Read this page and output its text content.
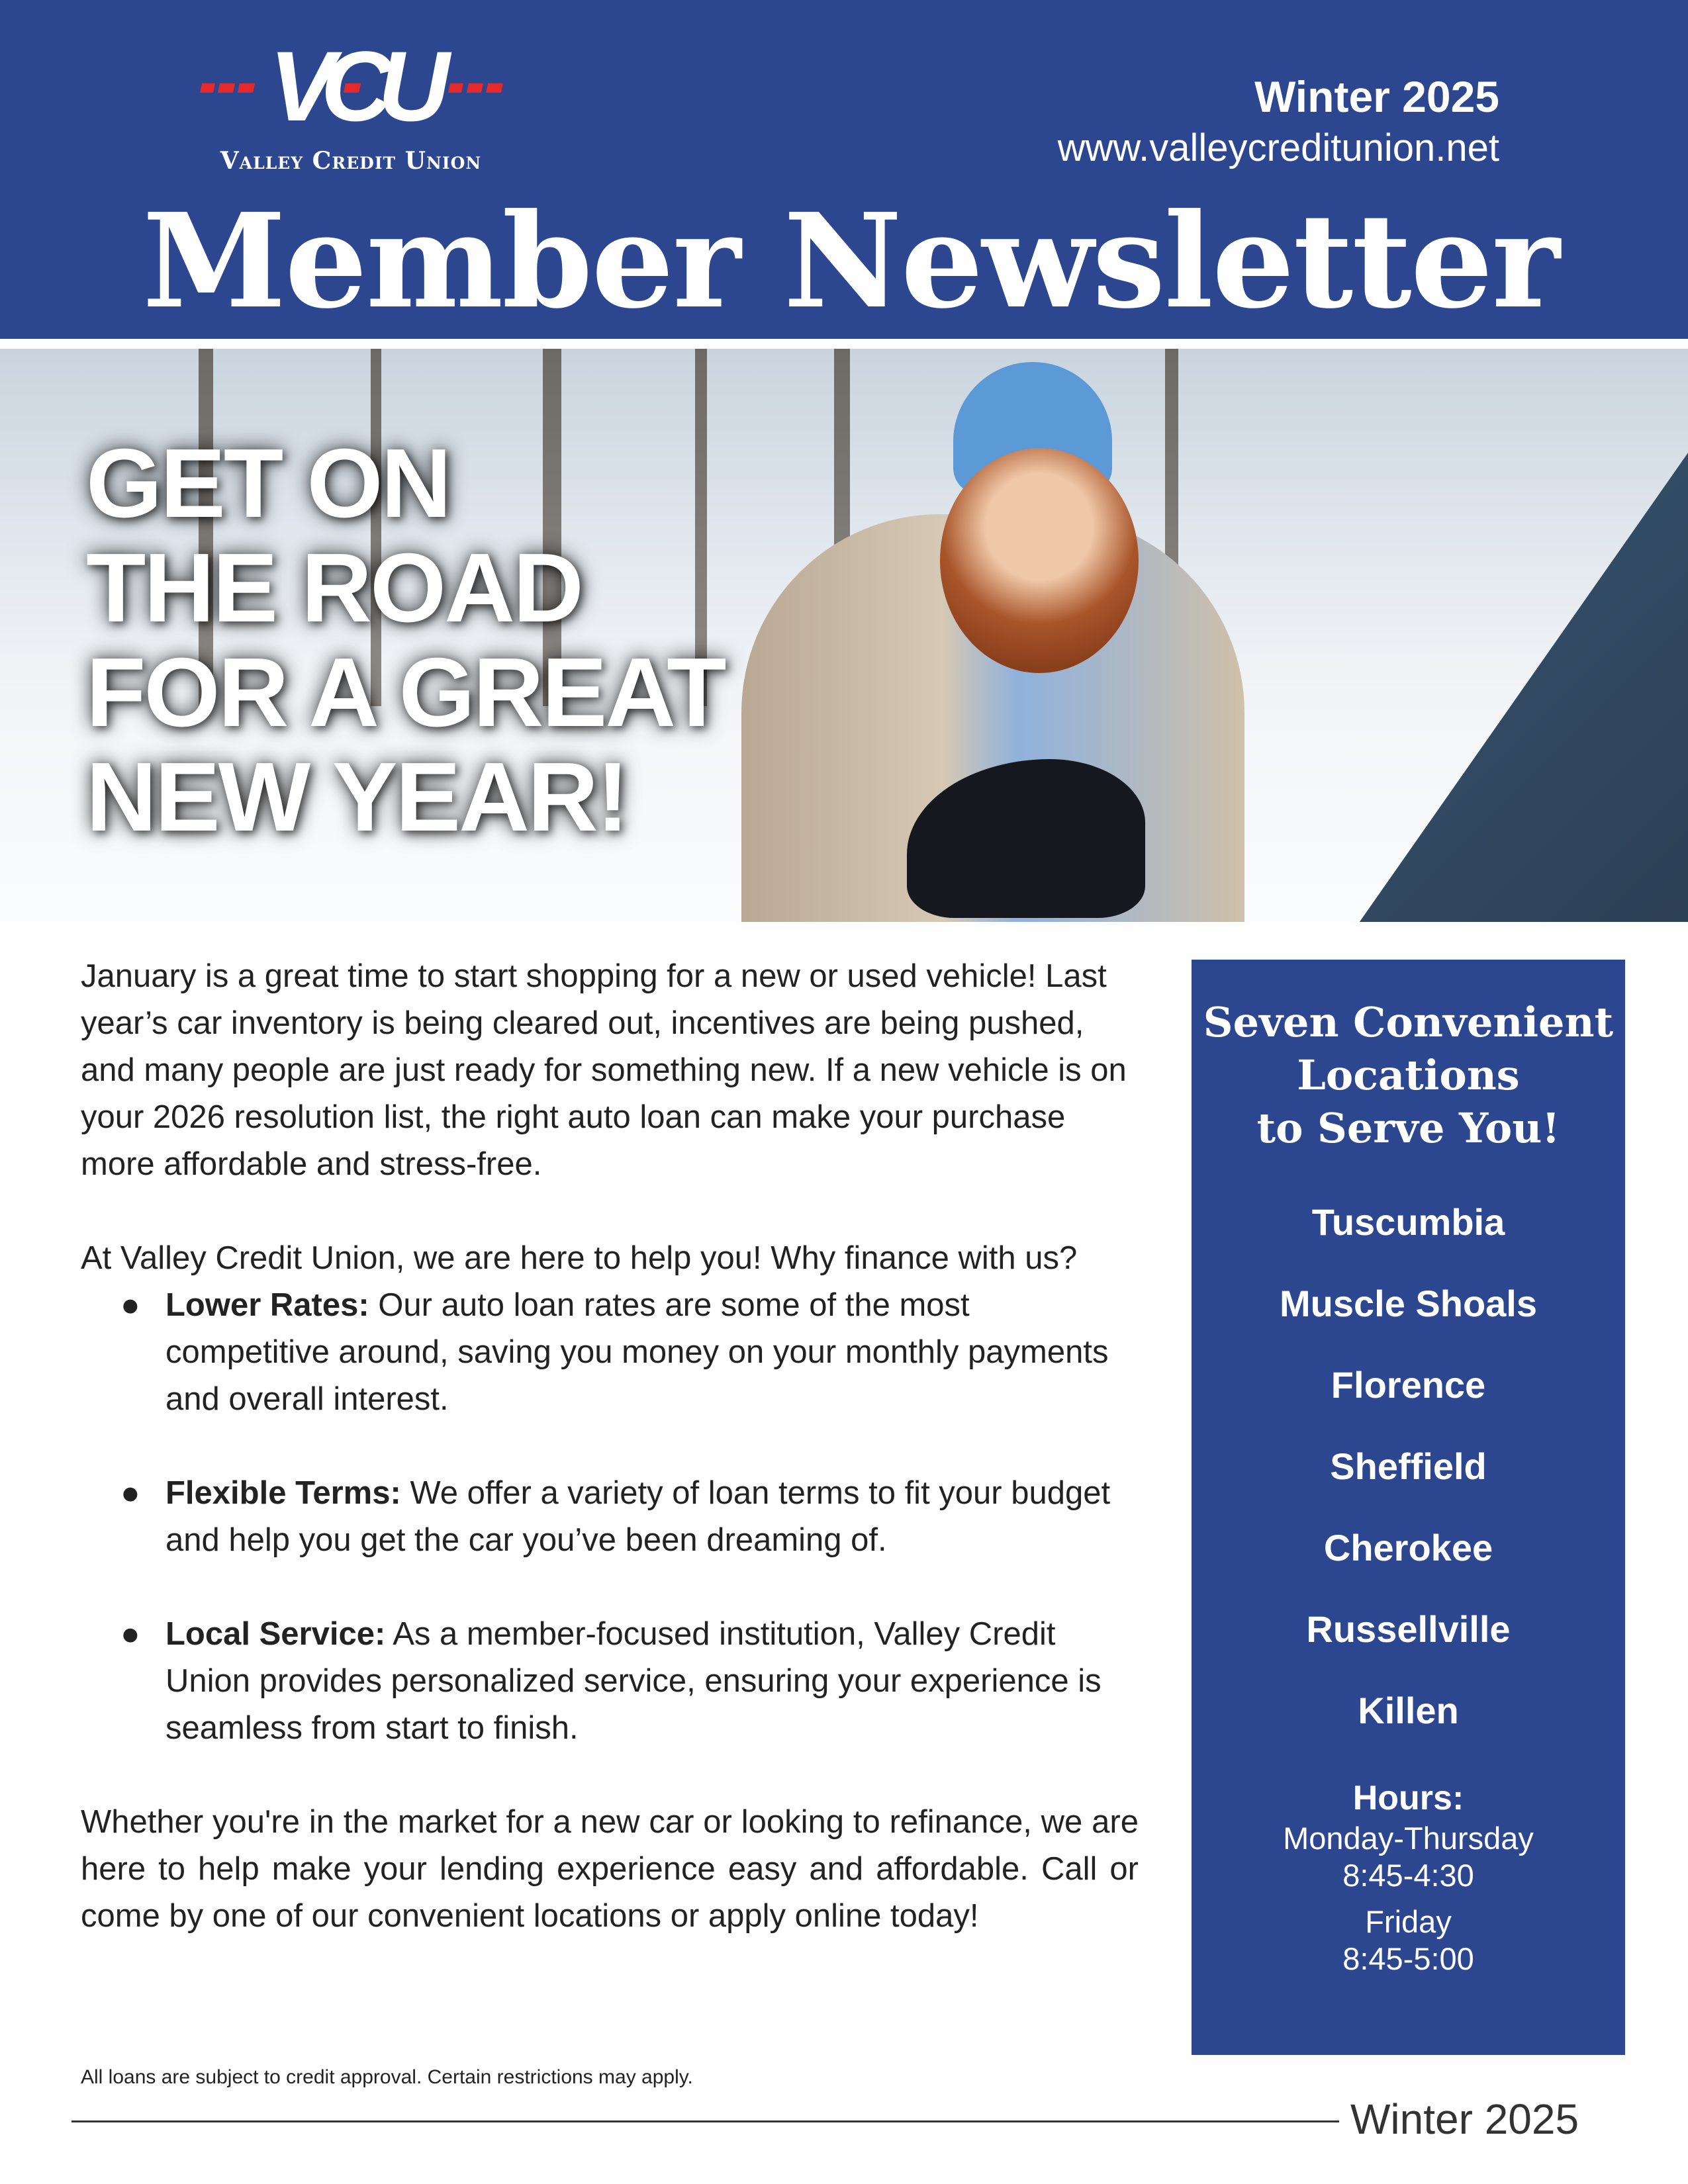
VCU
Valley Credit Union
Winter 2025
www.valleycreditunion.net
Member Newsletter
GET ON
THE ROAD
FOR A GREAT
NEW YEAR!

January is a great time to start shopping for a new or used vehicle! Last year’s car inventory is being cleared out, incentives are being pushed, and many people are just ready for something new. If a new vehicle is on your 2026 resolution list, the right auto loan can make your purchase more affordable and stress-free.

At Valley Credit Union, we are here to help you! Why finance with us?

● Lower Rates: Our auto loan rates are some of the most competitive around, saving you money on your monthly payments and overall interest.
● Flexible Terms: We offer a variety of loan terms to fit your budget and help you get the car you’ve been dreaming of.
● Local Service: As a member-focused institution, Valley Credit Union provides personalized service, ensuring your experience is seamless from start to finish.

Whether you're in the market for a new car or looking to refinance, we are here to help make your lending experience easy and affordable. Call or come by one of our convenient locations or apply online today!

Seven Convenient
Locations
to Serve You!
Tuscumbia
Muscle Shoals
Florence
Sheffield
Cherokee
Russellville
Killen
Hours:
Monday-Thursday
8:45-4:30
Friday
8:45-5:00
All loans are subject to credit approval. Certain restrictions may apply.
Winter 2025
